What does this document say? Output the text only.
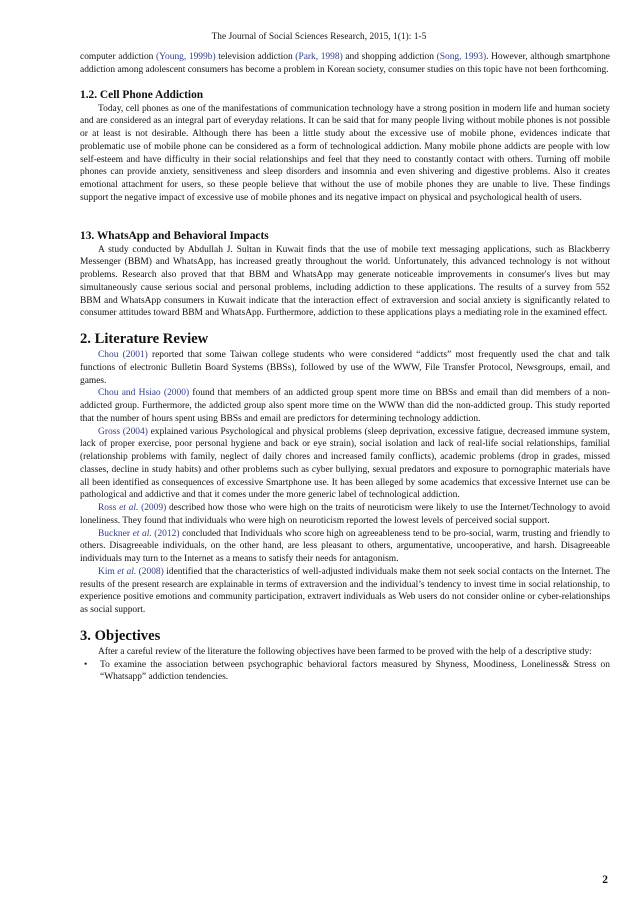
The Journal of Social Sciences Research, 2015, 1(1): 1-5

computer addiction (Young, 1999b) television addiction (Park, 1998) and shopping addiction (Song, 1993). However, although smartphone addiction among adolescent consumers has become a problem in Korean society, consumer studies on this topic have not been forthcoming.

1.2. Cell Phone Addiction

Today, cell phones as one of the manifestations of communication technology have a strong position in modern life and human society and are considered as an integral part of everyday relations. It can be said that for many people living without mobile phones is not possible or at least is not desirable. Although there has been a little study about the excessive use of mobile phone, evidences indicate that problematic use of mobile phone can be considered as a form of technological addiction. Many mobile phone addicts are people with low self-esteem and have difficulty in their social relationships and feel that they need to constantly contact with others. Turning off mobile phones can provide anxiety, sensitiveness and sleep disorders and insomnia and even shivering and digestive problems. Also it creates emotional attachment for users, so these people believe that without the use of mobile phones they are unable to live. These findings support the negative impact of excessive use of mobile phones and its negative impact on physical and psychological health of users.

13. WhatsApp and Behavioral Impacts

A study conducted by Abdullah J. Sultan in Kuwait finds that the use of mobile text messaging applications, such as Blackberry Messenger (BBM) and WhatsApp, has increased greatly throughout the world. Unfortunately, this advanced technology is not without problems. Research also proved that that BBM and WhatsApp may generate noticeable improvements in consumer's lives but may simultaneously cause serious social and personal problems, including addiction to these applications. The results of a survey from 552 BBM and WhatsApp consumers in Kuwait indicate that the interaction effect of extraversion and social anxiety is significantly related to consumer attitudes toward BBM and WhatsApp. Furthermore, addiction to these applications plays a mediating role in the examined effect.

2. Literature Review

Chou (2001) reported that some Taiwan college students who were considered “addicts” most frequently used the chat and talk functions of electronic Bulletin Board Systems (BBSs), followed by use of the WWW, File Transfer Protocol, Newsgroups, email, and games.

Chou and Hsiao (2000) found that members of an addicted group spent more time on BBSs and email than did members of a non-addicted group. Furthermore, the addicted group also spent more time on the WWW than did the non-addicted group. This study reported that the number of hours spent using BBSs and email are predictors for determining technology addiction.

Gross (2004) explained various Psychological and physical problems (sleep deprivation, excessive fatigue, decreased immune system, lack of proper exercise, poor personal hygiene and back or eye strain), social isolation and lack of real-life social relationships, familial (relationship problems with family, neglect of daily chores and increased family conflicts), academic problems (drop in grades, missed classes, decline in study habits) and other problems such as cyber bullying, sexual predators and exposure to pornographic materials have all been identified as consequences of excessive Smartphone use. It has been alleged by some academics that excessive Internet use can be pathological and addictive and that it comes under the more generic label of technological addiction.

Ross et al. (2009) described how those who were high on the traits of neuroticism were likely to use the Internet/Technology to avoid loneliness. They found that individuals who were high on neuroticism reported the lowest levels of perceived social support.

Buckner et al. (2012) concluded that Individuals who score high on agreeableness tend to be pro-social, warm, trusting and friendly to others. Disagreeable individuals, on the other hand, are less pleasant to others, argumentative, uncooperative, and harsh. Disagreeable individuals may turn to the Internet as a means to satisfy their needs for antagonism.

Kim et al. (2008) identified that the characteristics of well-adjusted individuals make them not seek social contacts on the Internet. The results of the present research are explainable in terms of extraversion and the individual’s tendency to invest time in social relationship, to experience positive emotions and community participation, extravert individuals as Web users do not consider online or cyber-relationships as social support.

3. Objectives

After a careful review of the literature the following objectives have been farmed to be proved with the help of a descriptive study:

• To examine the association between psychographic behavioral factors measured by Shyness, Moodiness, Loneliness& Stress on “Whatsapp” addiction tendencies.
2
